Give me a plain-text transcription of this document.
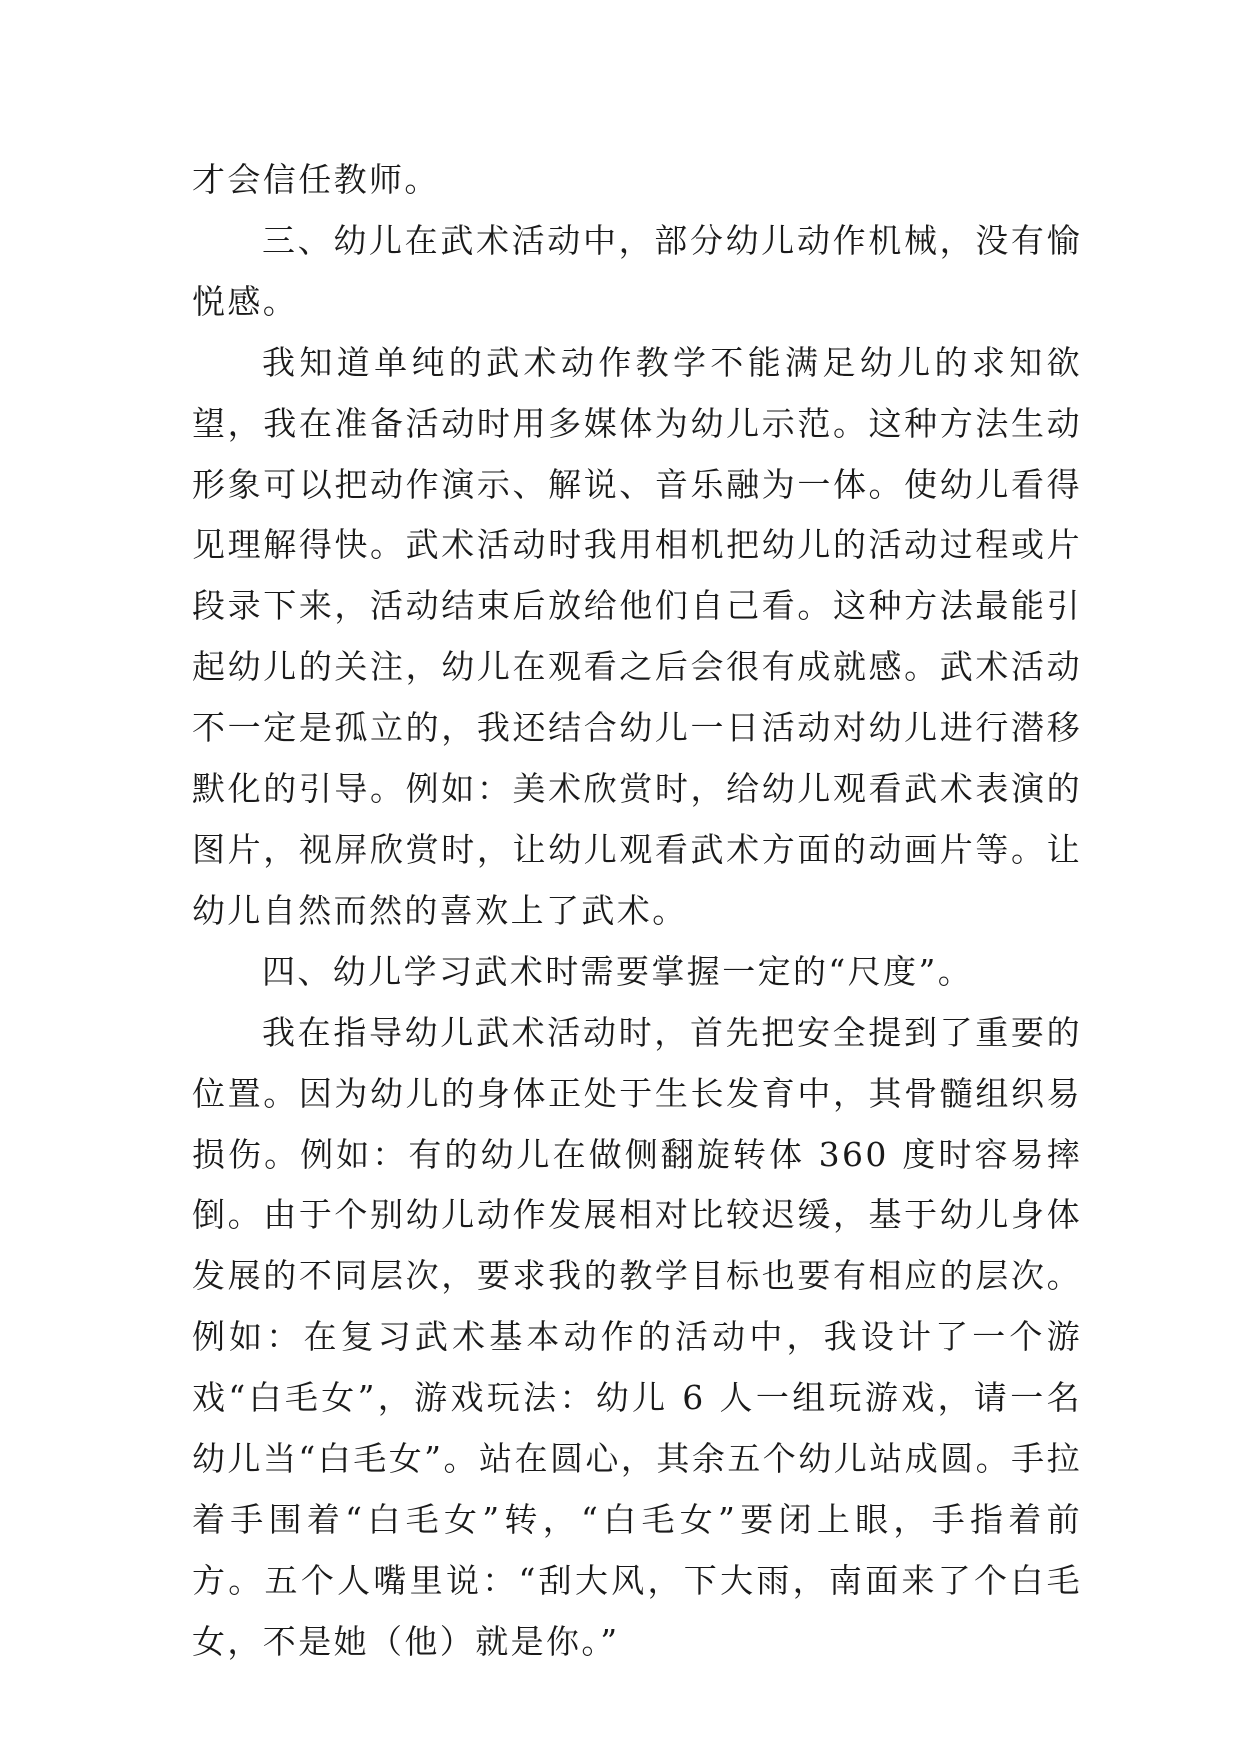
才会信任教师。

三、幼儿在武术活动中，部分幼儿动作机械，没有愉悦感。

我知道单纯的武术动作教学不能满足幼儿的求知欲望，我在准备活动时用多媒体为幼儿示范。这种方法生动形象可以把动作演示、解说、音乐融为一体。使幼儿看得见理解得快。武术活动时我用相机把幼儿的活动过程或片段录下来，活动结束后放给他们自己看。这种方法最能引起幼儿的关注，幼儿在观看之后会很有成就感。武术活动不一定是孤立的，我还结合幼儿一日活动对幼儿进行潜移默化的引导。例如：美术欣赏时，给幼儿观看武术表演的图片，视屏欣赏时，让幼儿观看武术方面的动画片等。让幼儿自然而然的喜欢上了武术。

四、幼儿学习武术时需要掌握一定的“尺度”。

我在指导幼儿武术活动时，首先把安全提到了重要的位置。因为幼儿的身体正处于生长发育中，其骨髓组织易损伤。例如：有的幼儿在做侧翻旋转体 360 度时容易摔倒。由于个别幼儿动作发展相对比较迟缓，基于幼儿身体发展的不同层次，要求我的教学目标也要有相应的层次。例如：在复习武术基本动作的活动中，我设计了一个游戏“白毛女”，游戏玩法：幼儿 6 人一组玩游戏，请一名幼儿当“白毛女”。站在圆心，其余五个幼儿站成圆。手拉着手围着“白毛女”转，“白毛女”要闭上眼，手指着前方。五个人嘴里说：“刮大风，下大雨，南面来了个白毛女，不是她（他）就是你。”
